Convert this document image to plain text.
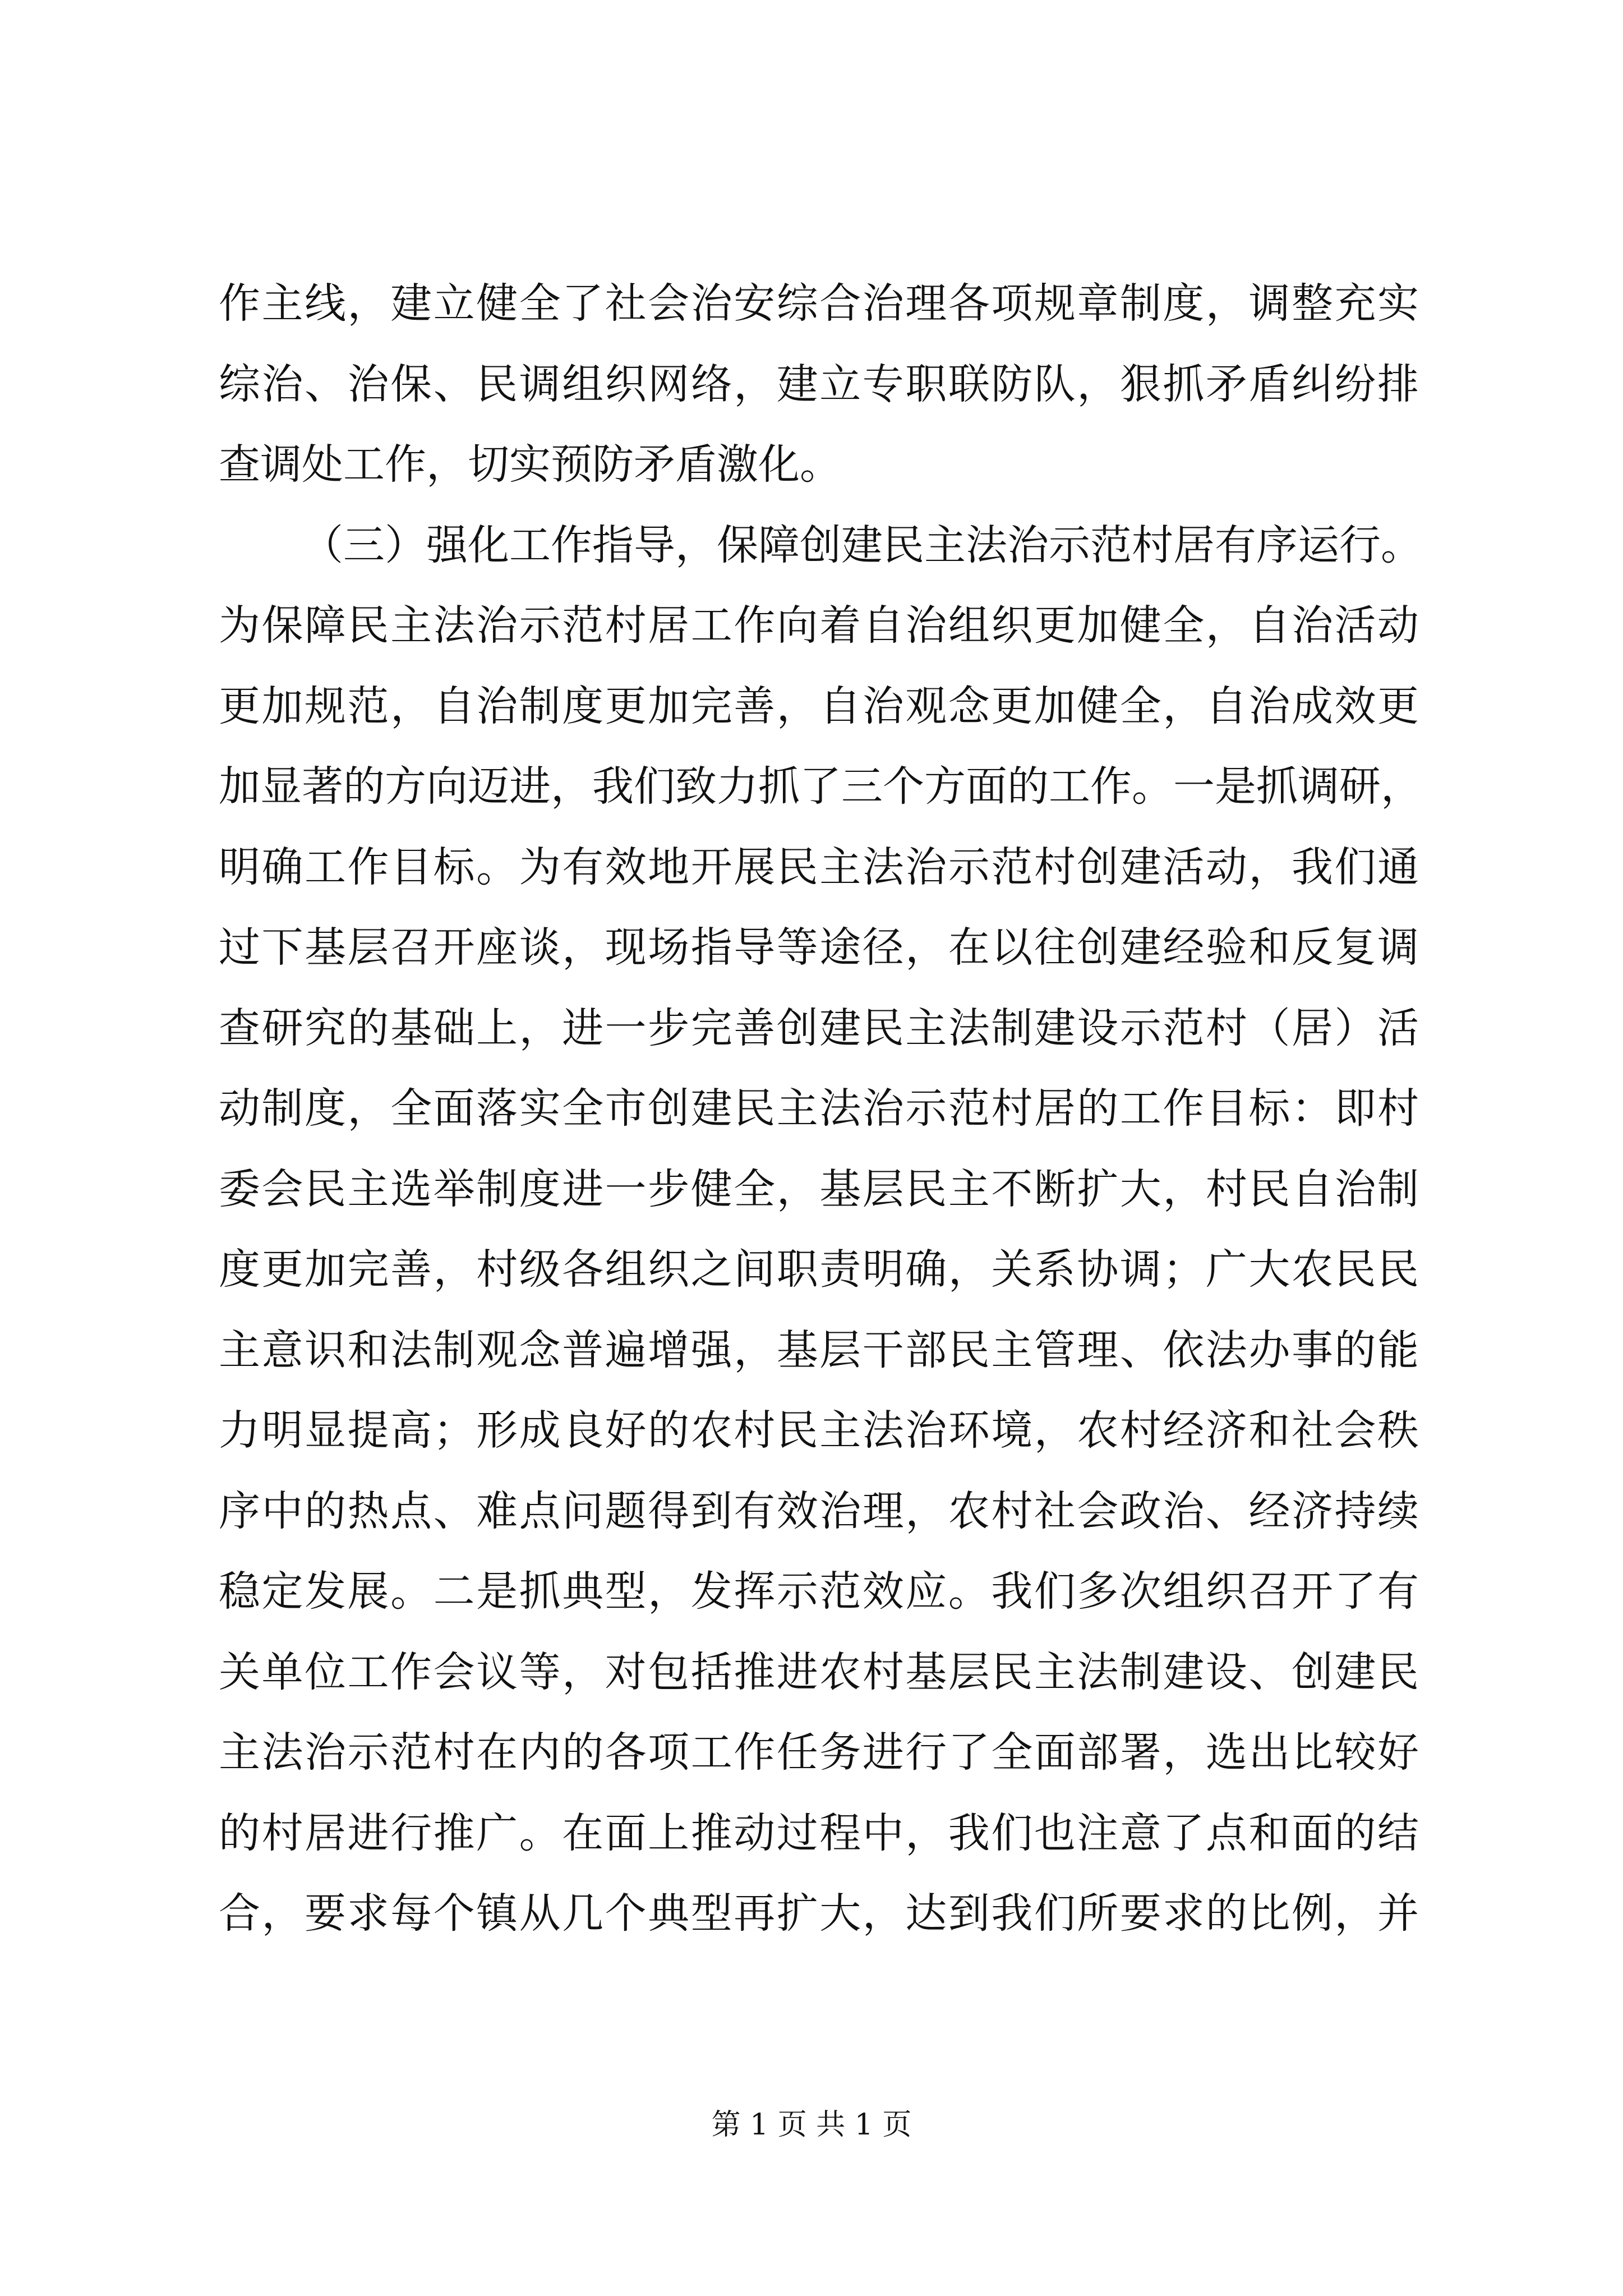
作主线，建立健全了社会治安综合治理各项规章制度，调整充实
综治、治保、民调组织网络，建立专职联防队，狠抓矛盾纠纷排
查调处工作，切实预防矛盾激化。
（三）强化工作指导，保障创建民主法治示范村居有序运行。
为保障民主法治示范村居工作向着自治组织更加健全，自治活动
更加规范，自治制度更加完善，自治观念更加健全，自治成效更
加显著的方向迈进，我们致力抓了三个方面的工作。一是抓调研，
明确工作目标。为有效地开展民主法治示范村创建活动，我们通
过下基层召开座谈，现场指导等途径，在以往创建经验和反复调
查研究的基础上，进一步完善创建民主法制建设示范村（居）活
动制度，全面落实全市创建民主法治示范村居的工作目标：即村
委会民主选举制度进一步健全，基层民主不断扩大，村民自治制
度更加完善，村级各组织之间职责明确，关系协调；广大农民民
主意识和法制观念普遍增强，基层干部民主管理、依法办事的能
力明显提高；形成良好的农村民主法治环境，农村经济和社会秩
序中的热点、难点问题得到有效治理，农村社会政治、经济持续
稳定发展。二是抓典型，发挥示范效应。我们多次组织召开了有
关单位工作会议等，对包括推进农村基层民主法制建设、创建民
主法治示范村在内的各项工作任务进行了全面部署，选出比较好
的村居进行推广。在面上推动过程中，我们也注意了点和面的结
合，要求每个镇从几个典型再扩大，达到我们所要求的比例，并
第 1 页 共 1 页
